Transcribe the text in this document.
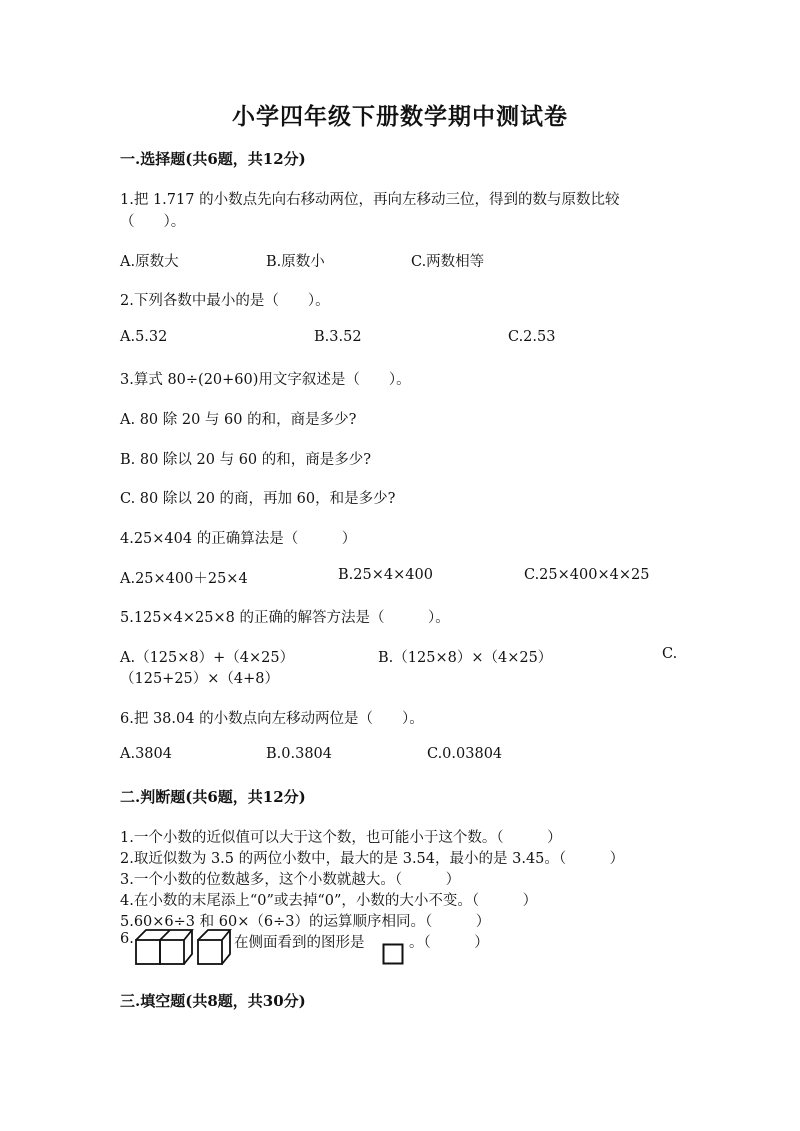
小学四年级下册数学期中测试卷
一.选择题(共6题，共12分)
1.把 1.717 的小数点先向右移动两位，再向左移动三位，得到的数与原数比较
（　　）。
A.原数大	B.原数小	C.两数相等
2.下列各数中最小的是（　　）。
A.5.32	B.3.52	C.2.53
3.算式 80÷(20+60)用文字叙述是（　　）。
A. 80 除 20 与 60 的和，商是多少?
B. 80 除以 20 与 60 的和，商是多少?
C. 80 除以 20 的商，再加 60，和是多少?
4.25×404 的正确算法是（　　　）
A.25×400＋25×4	B.25×4×400	C.25×400×4×25
5.125×4×25×8 的正确的解答方法是（　　　）。
A.（125×8）+（4×25）	B.（125×8）×（4×25）	C.
（125+25）×（4+8）
6.把 38.04 的小数点向左移动两位是（　　）。
A.3804	B.0.3804	C.0.03804
二.判断题(共6题，共12分)
1.一个小数的近似值可以大于这个数，也可能小于这个数。（　　　）
2.取近似数为 3.5 的两位小数中，最大的是 3.54，最小的是 3.45。（　　　）
3.一个小数的位数越多，这个小数就越大。（　　　）
4.在小数的末尾添上“0”或去掉“0”，小数的大小不变。（　　　）
5.60×6÷3 和 60×（6÷3）的运算顺序相同。（　　　）
6.	在侧面看到的图形是	。（　　　）
三.填空题(共8题，共30分)
